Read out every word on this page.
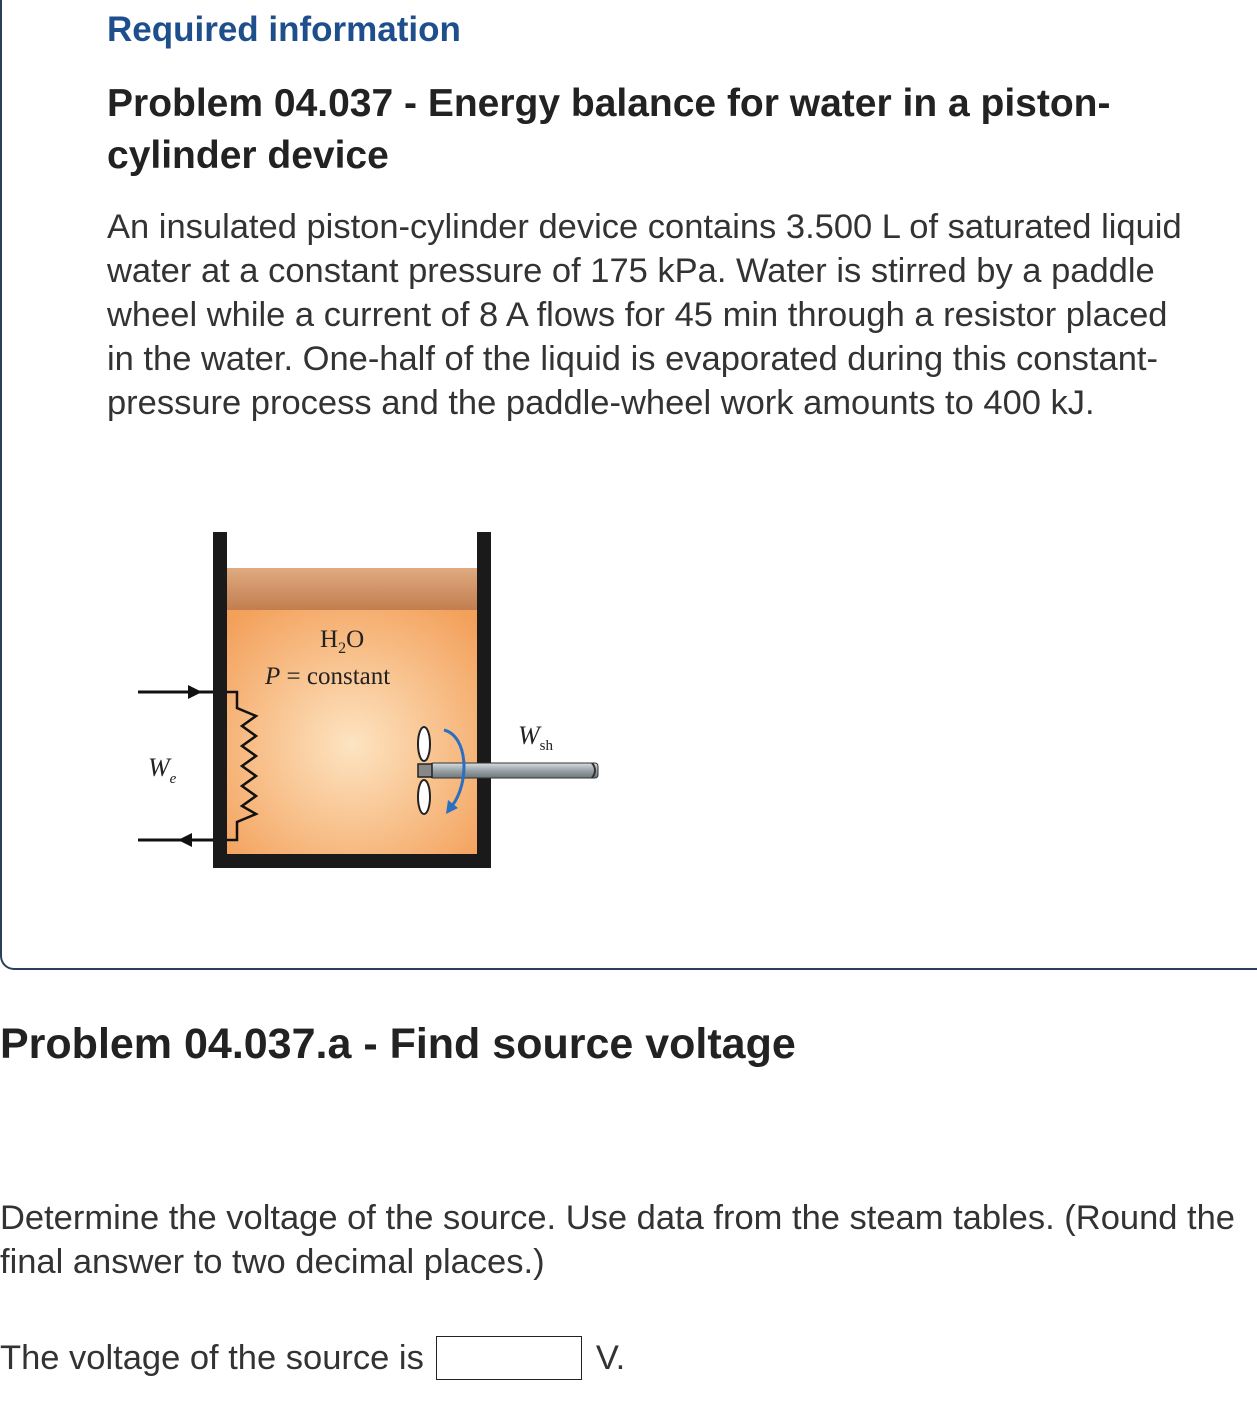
Required information
Problem 04.037 - Energy balance for water in a piston-cylinder device

An insulated piston-cylinder device contains 3.500 L of saturated liquid water at a constant pressure of 175 kPa. Water is stirred by a paddle wheel while a current of 8 A flows for 45 min through a resistor placed in the water. One-half of the liquid is evaporated during this constant-pressure process and the paddle-wheel work amounts to 400 kJ.

$H_2O$
P = constant
$W_e$
$W_{sh}$
Problem 04.037.a - Find source voltage

Determine the voltage of the source. Use data from the steam tables. (Round the final answer to two decimal places.)

The voltage of the source is	V.
